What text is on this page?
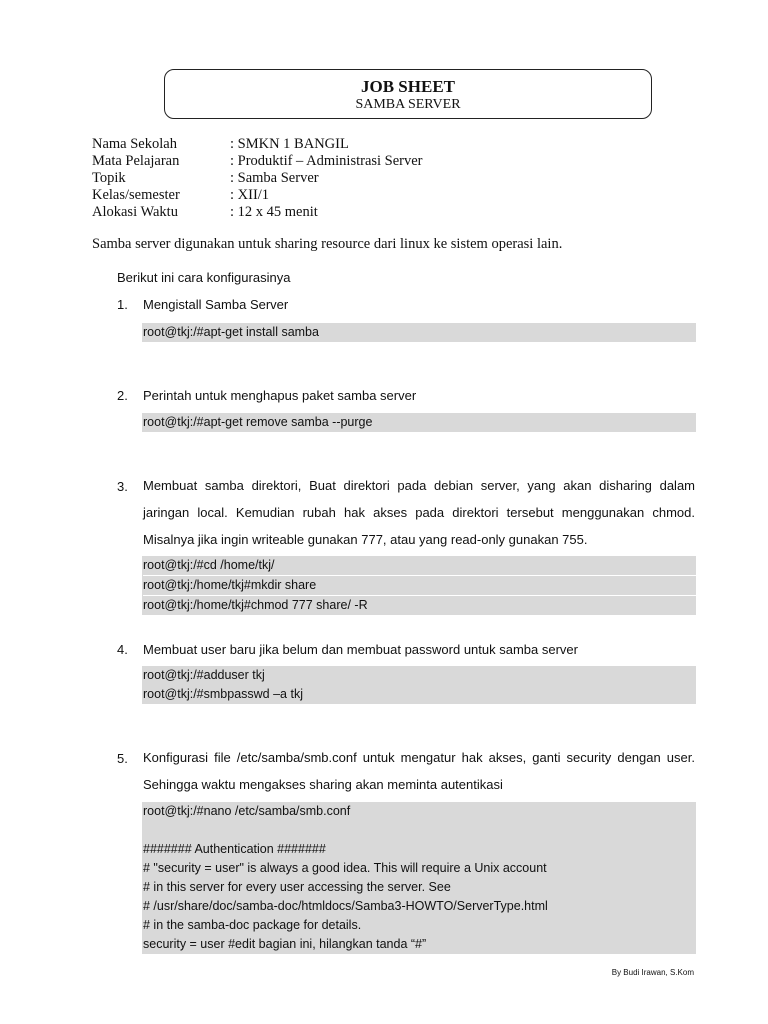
JOB SHEET
SAMBA SERVER
Nama Sekolah	: SMKN 1 BANGIL
Mata Pelajaran	: Produktif – Administrasi Server
Topik	: Samba Server
Kelas/semester	: XII/1
Alokasi Waktu	: 12 x 45 menit
Samba server digunakan untuk sharing resource dari linux ke sistem operasi lain.
Berikut ini cara konfigurasinya
1. Mengistall Samba Server
root@tkj:/#apt-get install samba
2. Perintah untuk menghapus paket samba server
root@tkj:/#apt-get remove samba --purge
3. Membuat samba direktori, Buat direktori pada debian server, yang akan disharing dalam jaringan local. Kemudian rubah hak akses pada direktori tersebut menggunakan chmod. Misalnya jika ingin writeable gunakan 777, atau yang read-only gunakan 755.
root@tkj:/#cd /home/tkj/
root@tkj:/home/tkj#mkdir share
root@tkj:/home/tkj#chmod 777 share/ -R
4. Membuat user baru jika belum dan membuat password untuk samba server
root@tkj:/#adduser tkj
root@tkj:/#smbpasswd –a tkj
5. Konfigurasi file /etc/samba/smb.conf untuk mengatur hak akses, ganti security dengan user. Sehingga waktu mengakses sharing akan meminta autentikasi
root@tkj:/#nano /etc/samba/smb.conf
####### Authentication #######
# "security = user" is always a good idea. This will require a Unix account
# in this server for every user accessing the server. See
# /usr/share/doc/samba-doc/htmldocs/Samba3-HOWTO/ServerType.html
# in the samba-doc package for details.
security = user #edit bagian ini, hilangkan tanda “#”
By Budi Irawan, S.Kom
